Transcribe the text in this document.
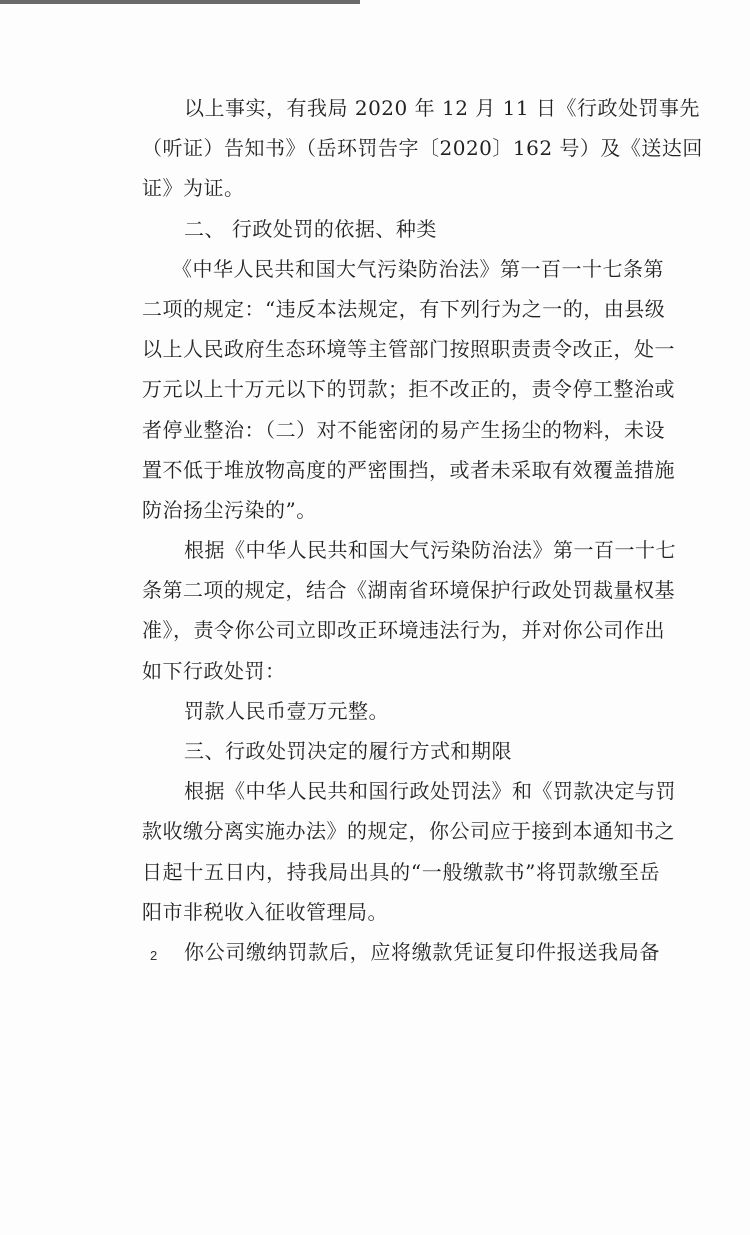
以上事实，有我局 2020 年 12 月 11 日《行政处罚事先
（听证）告知书》（岳环罚告字〔2020〕162 号）及《送达回
证》为证。
二、 行政处罚的依据、种类
《中华人民共和国大气污染防治法》第一百一十七条第
二项的规定：“违反本法规定，有下列行为之一的，由县级
以上人民政府生态环境等主管部门按照职责责令改正，处一
万元以上十万元以下的罚款；拒不改正的，责令停工整治或
者停业整治：（二）对不能密闭的易产生扬尘的物料，未设
置不低于堆放物高度的严密围挡，或者未采取有效覆盖措施
防治扬尘污染的”。
根据《中华人民共和国大气污染防治法》第一百一十七
条第二项的规定，结合《湖南省环境保护行政处罚裁量权基
准》，责令你公司立即改正环境违法行为，并对你公司作出
如下行政处罚：
罚款人民币壹万元整。
三、行政处罚决定的履行方式和期限
根据《中华人民共和国行政处罚法》和《罚款决定与罚
款收缴分离实施办法》的规定，你公司应于接到本通知书之
日起十五日内，持我局出具的“一般缴款书”将罚款缴至岳
阳市非税收入征收管理局。
你公司缴纳罚款后，应将缴款凭证复印件报送我局备
2
